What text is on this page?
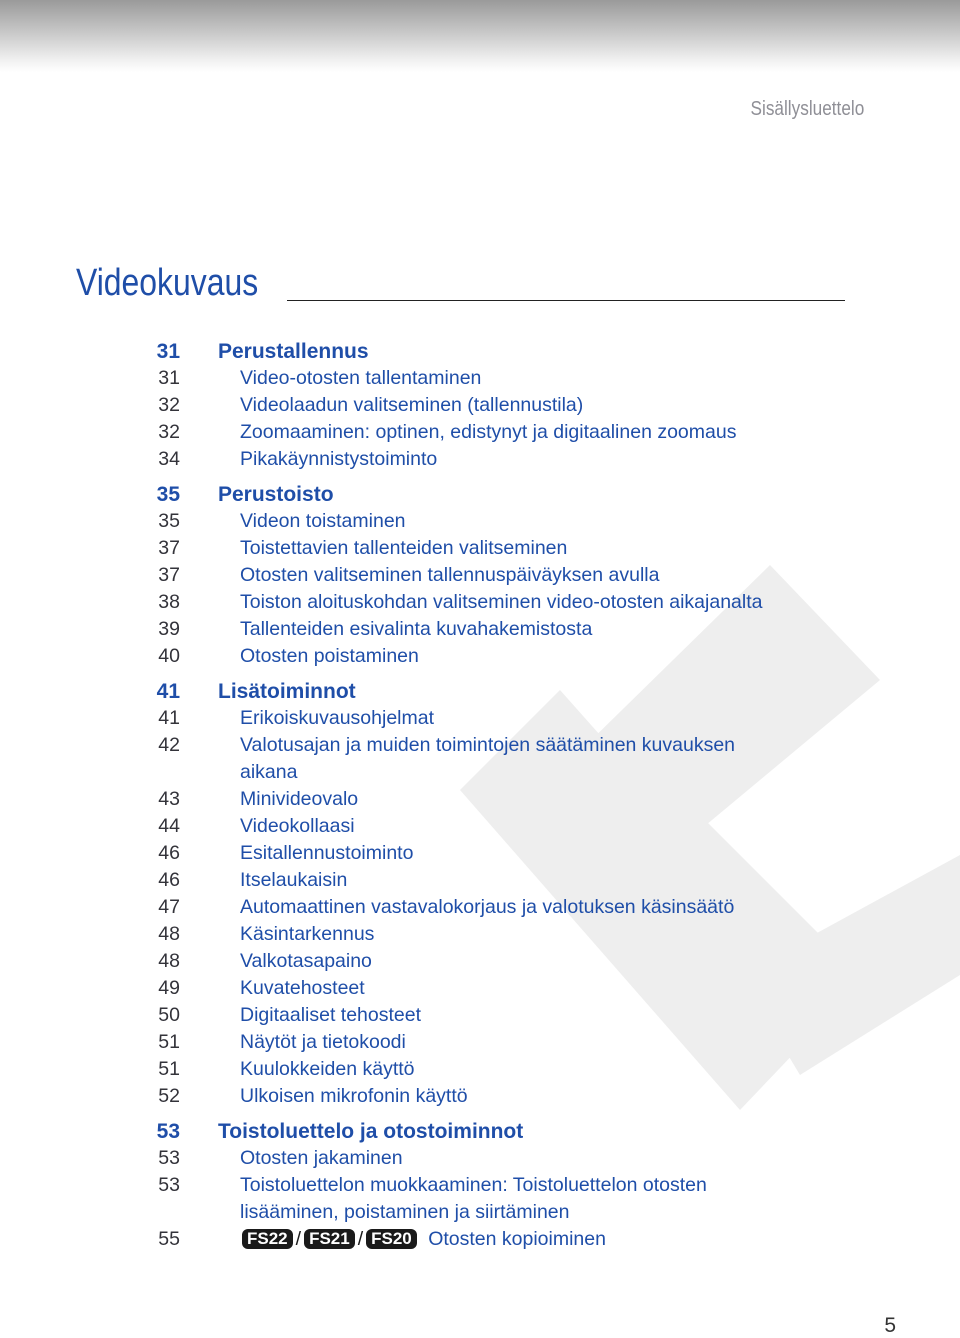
Sisällysluettelo
Videokuvaus
31 Perustallennus
31	Video-otosten tallentaminen
32	Videolaadun valitseminen (tallennustila)
32	Zoomaaminen: optinen, edistynyt ja digitaalinen zoomaus
34	Pikakäynnistystoiminto
35 Perustoisto
35	Videon toistaminen
37	Toistettavien tallenteiden valitseminen
37	Otosten valitseminen tallennuspäiväyksen avulla
38	Toiston aloituskohdan valitseminen video-otosten aikajanalta
39	Tallenteiden esivalinta kuvahakemistosta
40	Otosten poistaminen
41 Lisätoiminnot
41	Erikoiskuvausohjelmat
42	Valotusajan ja muiden toimintojen säätäminen kuvauksen
aikana
43	Minivideovalo
44	Videokollaasi
46	Esitallennustoiminto
46	Itselaukaisin
47	Automaattinen vastavalokorjaus ja valotuksen käsinsäätö
48	Käsintarkennus
48	Valkotasapaino
49	Kuvatehosteet
50	Digitaaliset tehosteet
51	Näytöt ja tietokoodi
51	Kuulokkeiden käyttö
52	Ulkoisen mikrofonin käyttö
53 Toistoluettelo ja otostoiminnot
53	Otosten jakaminen
53	Toistoluettelon muokkaaminen: Toistoluettelon otosten
lisääminen, poistaminen ja siirtäminen
55	FS22 / FS21 / FS20 Otosten kopioiminen
5
